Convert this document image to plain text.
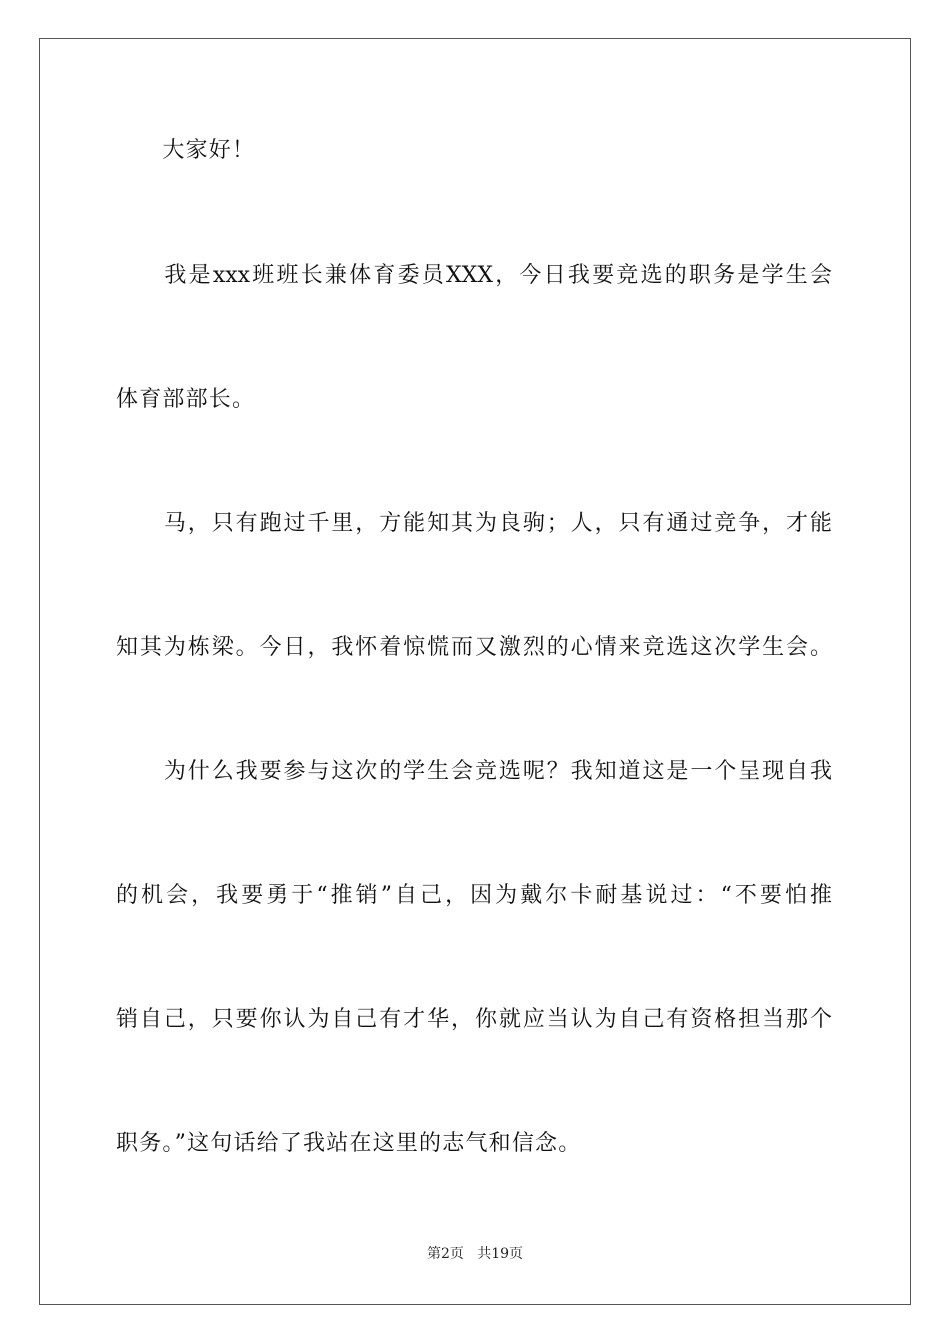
　　大家好！
　　我是xxx班班长兼体育委员XXX，今日我要竞选的职务是学生会
体育部部长。
　　马，只有跑过千里，方能知其为良驹；人，只有通过竞争，才能
知其为栋梁。今日，我怀着惊慌而又激烈的心情来竞选这次学生会。
　　为什么我要参与这次的学生会竞选呢？我知道这是一个呈现自我
的机会，我要勇于“推销”自己，因为戴尔卡耐基说过：“不要怕推
销自己，只要你认为自己有才华，你就应当认为自己有资格担当那个
职务。”这句话给了我站在这里的志气和信念。
第2页   共19页
